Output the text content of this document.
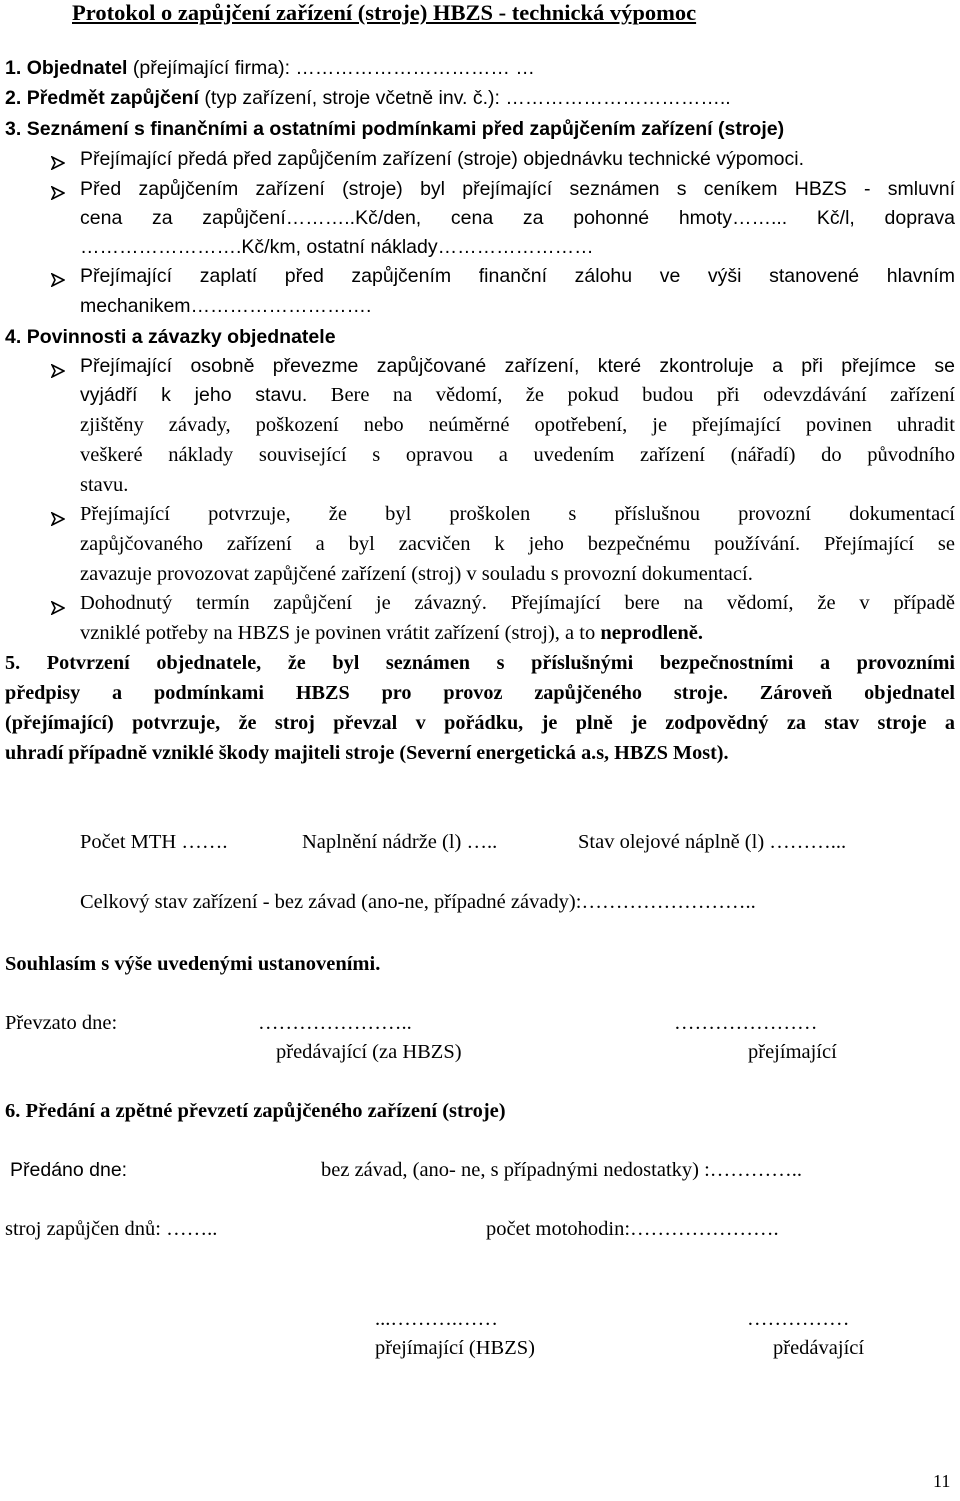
Protokol o zapůjčení zařízení (stroje) HBZS - technická výpomoc
1. Objednatel (přejímající firma): …………………………… …
2. Předmět zapůjčení (typ zařízení, stroje včetně inv. č.): ……………………………..
3. Seznámení s finančními a ostatními podmínkami před zapůjčením zařízení (stroje)
Přejímající předá před zapůjčením zařízení (stroje) objednávku technické výpomoci.
Před zapůjčením zařízení (stroje) byl přejímající seznámen s ceníkem HBZS - smluvní
cena za zapůjčení………..Kč/den, cena za pohonné hmoty……... Kč/l, doprava
…………………….Kč/km, ostatní náklady……………………
Přejímající zaplatí před zapůjčením finanční zálohu ve výši stanovené hlavním
mechanikem……………………….
4. Povinnosti a závazky objednatele
Přejímající osobně převezme zapůjčované zařízení, které zkontroluje a při přejímce se
vyjádří k jeho stavu. Bere na vědomí, že pokud budou při odevzdávání zařízení
zjištěny závady, poškození nebo neúměrné opotřebení, je přejímající povinen uhradit
veškeré náklady související s opravou a uvedením zařízení (nářadí) do původního
stavu.
Přejímající potvrzuje, že byl proškolen s příslušnou provozní dokumentací
zapůjčovaného zařízení a byl zacvičen k jeho bezpečnému používání. Přejímající se
zavazuje provozovat zapůjčené zařízení (stroj) v souladu s provozní dokumentací.
Dohodnutý termín zapůjčení je závazný. Přejímající bere na vědomí, že v případě
vzniklé potřeby na HBZS je povinen vrátit zařízení (stroj), a to neprodleně.
5. Potvrzení objednatele, že byl seznámen s příslušnými bezpečnostními a provozními
předpisy a podmínkami HBZS pro provoz zapůjčeného stroje. Zároveň objednatel
(přejímající) potvrzuje, že stroj převzal v pořádku, je plně je zodpovědný za stav stroje a
uhradí případně vzniklé škody majiteli stroje (Severní energetická a.s, HBZS Most).
Počet MTH …….	Naplnění nádrže (l) …..	Stav olejové náplně (l) ………...
Celkový stav zařízení - bez závad (ano-ne, případné závady):……………………..
Souhlasím s výše uvedenými ustanoveními.
Převzato dne:	…………………..	…………………
předávající (za HBZS)	přejímající
6. Předání a zpětné převzetí zapůjčeného zařízení (stroje)
Předáno dne:	bez závad, (ano- ne, s případnými nedostatky) :…………..
stroj zapůjčen dnů: ……..	počet motohodin:………………….
...……….……	……………
přejímající (HBZS)	předávající
11
